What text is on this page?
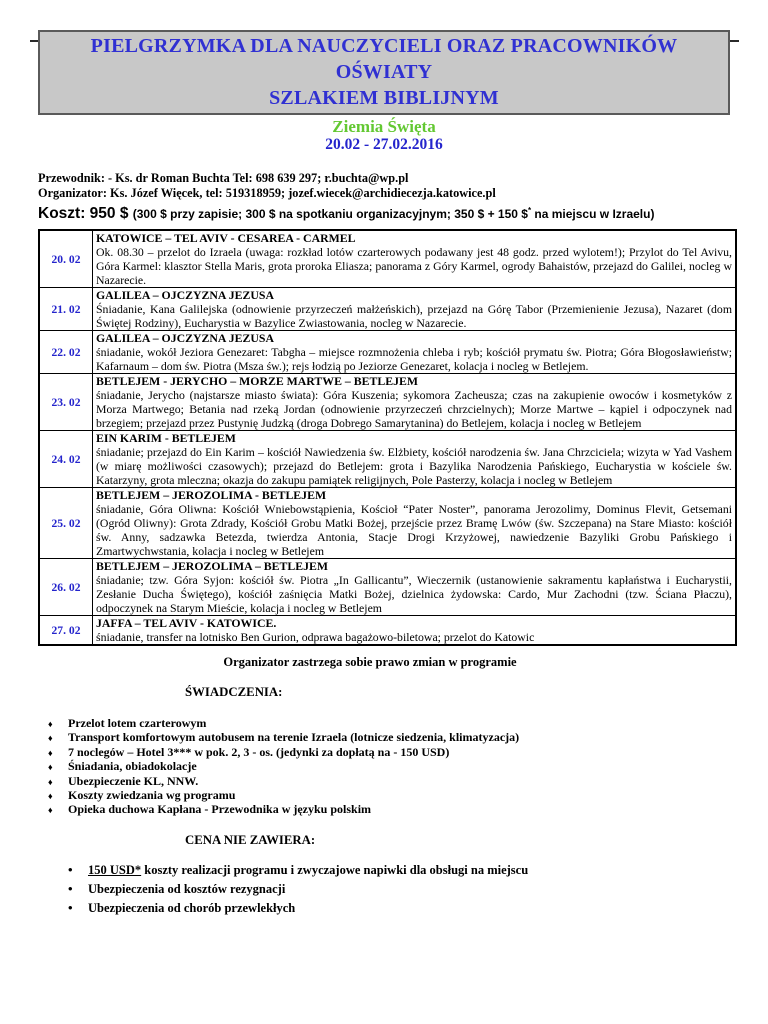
PIELGRZYMKA DLA NAUCZYCIELI ORAZ PRACOWNIKÓW OŚWIATY
SZLAKIEM BIBLIJNYM
Ziemia Święta
20.02 - 27.02.2016
Przewodnik: - Ks. dr Roman Buchta Tel: 698 639 297; r.buchta@wp.pl
Organizator: Ks. Józef Więcek, tel: 519318959; jozef.wiecek@archidiecezja.katowice.pl
Koszt: 950 $ (300 $ przy zapisie; 300 $ na spotkaniu organizacyjnym; 350 $ + 150 $* na miejscu w Izraelu)
20. 02	KATOWICE – TEL AVIV - CESAREA - CARMEL
Ok. 08.30 – przelot do Izraela (uwaga: rozkład lotów czarterowych podawany jest 48 godz. przed wylotem!); Przylot do Tel Avivu, Góra Karmel: klasztor Stella Maris, grota proroka Eliasza; panorama z Góry Karmel, ogrody Bahaistów, przejazd do Galilei, nocleg w Nazarecie.

21. 02	GALILEA – OJCZYZNA JEZUSA
Śniadanie, Kana Galilejska (odnowienie przyrzeczeń małżeńskich), przejazd na Górę Tabor (Przemienienie Jezusa), Nazaret (dom Świętej Rodziny), Eucharystia w Bazylice Zwiastowania, nocleg w Nazarecie.

22. 02	GALILEA – OJCZYZNA JEZUSA
śniadanie, wokół Jeziora Genezaret: Tabgha – miejsce rozmnożenia chleba i ryb; kościół prymatu św. Piotra; Góra Błogosławieństw; Kafarnaum – dom św. Piotra (Msza św.); rejs łodzią po Jeziorze Genezaret, kolacja i nocleg w Betlejem.

23. 02	BETLEJEM - JERYCHO – MORZE MARTWE – BETLEJEM
śniadanie, Jerycho (najstarsze miasto świata): Góra Kuszenia; sykomora Zacheusza; czas na zakupienie owoców i kosmetyków z Morza Martwego; Betania nad rzeką Jordan (odnowienie przyrzeczeń chrzcielnych); Morze Martwe – kąpiel i odpoczynek nad brzegiem; przejazd przez Pustynię Judzką (droga Dobrego Samarytanina) do Betlejem, kolacja i nocleg w Betlejem

24. 02	EIN KARIM - BETLEJEM
śniadanie; przejazd do Ein Karim – kościół Nawiedzenia św. Elżbiety, kościół narodzenia św. Jana Chrzciciela; wizyta w Yad Vashem (w miarę możliwości czasowych); przejazd do Betlejem: grota i Bazylika Narodzenia Pańskiego, Eucharystia w kościele św. Katarzyny, grota mleczna; okazja do zakupu pamiątek religijnych, Pole Pasterzy, kolacja i nocleg w Betlejem

25. 02	BETLEJEM – JEROZOLIMA - BETLEJEM
śniadanie, Góra Oliwna: Kościół Wniebowstąpienia, Kościoł “Pater Noster”, panorama Jerozolimy, Dominus Flevit, Getsemani (Ogród Oliwny): Grota Zdrady, Kościół Grobu Matki Bożej, przejście przez Bramę Lwów (św. Szczepana) na Stare Miasto: kościół św. Anny, sadzawka Betezda, twierdza Antonia, Stacje Drogi Krzyżowej, nawiedzenie Bazyliki Grobu Pańskiego i Zmartwychwstania, kolacja i nocleg w Betlejem

26. 02	BETLEJEM – JEROZOLIMA – BETLEJEM
śniadanie; tzw. Góra Syjon: kościół św. Piotra „In Gallicantu”, Wieczernik (ustanowienie sakramentu kapłaństwa i Eucharystii, Zesłanie Ducha Świętego), kościół zaśnięcia Matki Bożej, dzielnica żydowska: Cardo, Mur Zachodni (tzw. Ściana Płaczu), odpoczynek na Starym Mieście, kolacja i nocleg w Betlejem

27. 02	JAFFA – TEL AVIV - KATOWICE.
śniadanie, transfer na lotnisko Ben Gurion, odprawa bagażowo-biletowa; przelot do Katowic
Organizator zastrzega sobie prawo zmian w programie
ŚWIADCZENIA:
♦	Przelot lotem czarterowym
♦	Transport komfortowym autobusem na terenie Izraela (lotnicze siedzenia, klimatyzacja)
♦	7 noclegów – Hotel 3*** w pok. 2, 3 - os. (jedynki za dopłatą na - 150 USD)
♦	Śniadania, obiadokolacje
♦	Ubezpieczenie KL, NNW.
♦	Koszty zwiedzania wg programu
♦	Opieka duchowa Kapłana - Przewodnika w języku polskim
CENA NIE ZAWIERA:
•	150 USD* koszty realizacji programu i zwyczajowe napiwki dla obsługi na miejscu
•	Ubezpieczenia od kosztów rezygnacji
•	Ubezpieczenia od chorób przewlekłych
